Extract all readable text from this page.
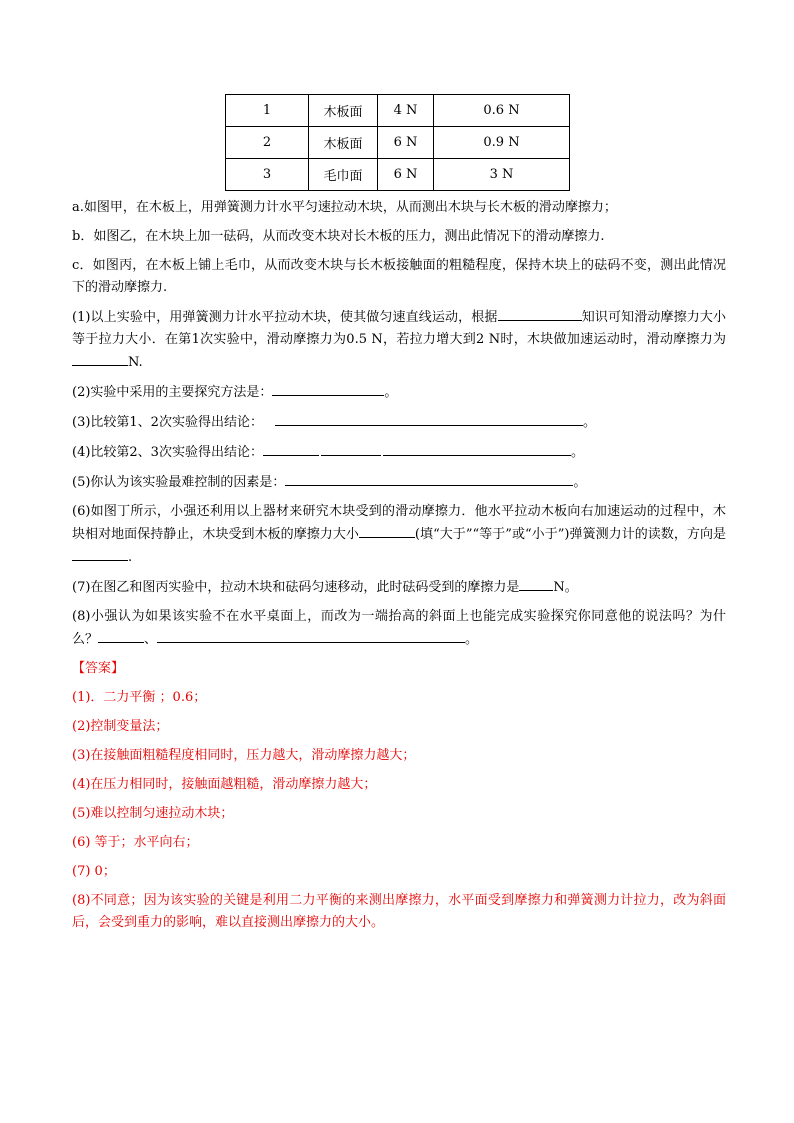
1	木板面	4 N	0.6 N
2	木板面	6 N	0.9 N
3	毛巾面	6 N	3 N

a.如图甲，在木板上，用弹簧测力计水平匀速拉动木块，从而测出木块与长木板的滑动摩擦力；

b．如图乙，在木块上加一砝码，从而改变木块对长木板的压力，测出此情况下的滑动摩擦力.

c．如图丙，在木板上铺上毛巾，从而改变木块与长木板接触面的粗糙程度，保持木块上的砝码不变，测出此情况下的滑动摩擦力.

(1)以上实验中，用弹簧测力计水平拉动木块，使其做匀速直线运动，根据	知识可知滑动摩擦力大小等于拉力大小．在第1次实验中，滑动摩擦力为0.5 N，若拉力增大到2 N时，木块做加速运动时，滑动摩擦力为N.

(2)实验中采用的主要探究方法是：	。

(3)比较第1、2次实验得出结论：	。

(4)比较第2、3次实验得出结论：	。

(5)你认为该实验最难控制的因素是：	。

(6)如图丁所示，小强还利用以上器材来研究木块受到的滑动摩擦力．他水平拉动木板向右加速运动的过程中，木块相对地面保持静止，木块受到木板的摩擦力大小	(填“大于”“等于”或“小于”)弹簧测力计的读数，方向是.

(7)在图乙和图丙实验中，拉动木块和砝码匀速移动，此时砝码受到的摩擦力是	N。

(8)小强认为如果该实验不在水平桌面上，而改为一端抬高的斜面上也能完成实验探究你同意他的说法吗？为什么？	、	。

【答案】

(1)．二力平衡 ；0.6；

(2)控制变量法；

(3)在接触面粗糙程度相同时，压力越大，滑动摩擦力越大；

(4)在压力相同时，接触面越粗糙，滑动摩擦力越大；

(5)难以控制匀速拉动木块；

(6) 等于；水平向右；

(7) 0；

(8)不同意；因为该实验的关键是利用二力平衡的来测出摩擦力，水平面受到摩擦力和弹簧测力计拉力，改为斜面后，会受到重力的影响，难以直接测出摩擦力的大小。
